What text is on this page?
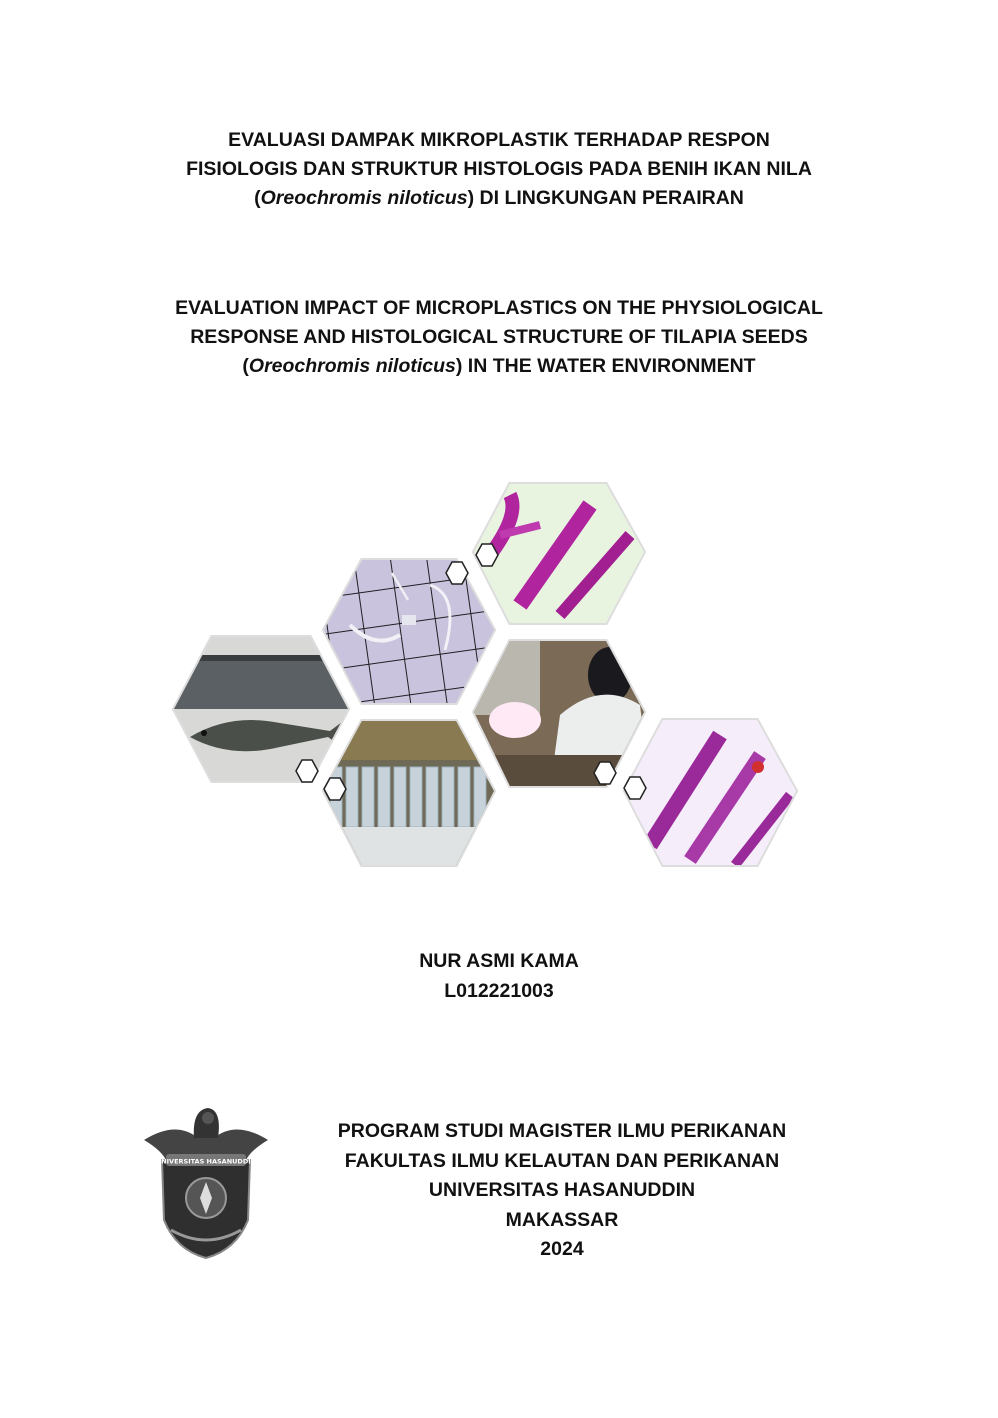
EVALUASI DAMPAK MIKROPLASTIK TERHADAP RESPON
FISIOLOGIS DAN STRUKTUR HISTOLOGIS PADA BENIH IKAN NILA
(Oreochromis niloticus) DI LINGKUNGAN PERAIRAN
EVALUATION IMPACT OF MICROPLASTICS ON THE PHYSIOLOGICAL
RESPONSE AND HISTOLOGICAL STRUCTURE OF TILAPIA SEEDS
(Oreochromis niloticus) IN THE WATER ENVIRONMENT
NUR ASMI KAMA
L012221003
UNIVERSITAS HASANUDDIN
PROGRAM STUDI MAGISTER ILMU PERIKANAN
FAKULTAS ILMU KELAUTAN DAN PERIKANAN
UNIVERSITAS HASANUDDIN
MAKASSAR
2024
